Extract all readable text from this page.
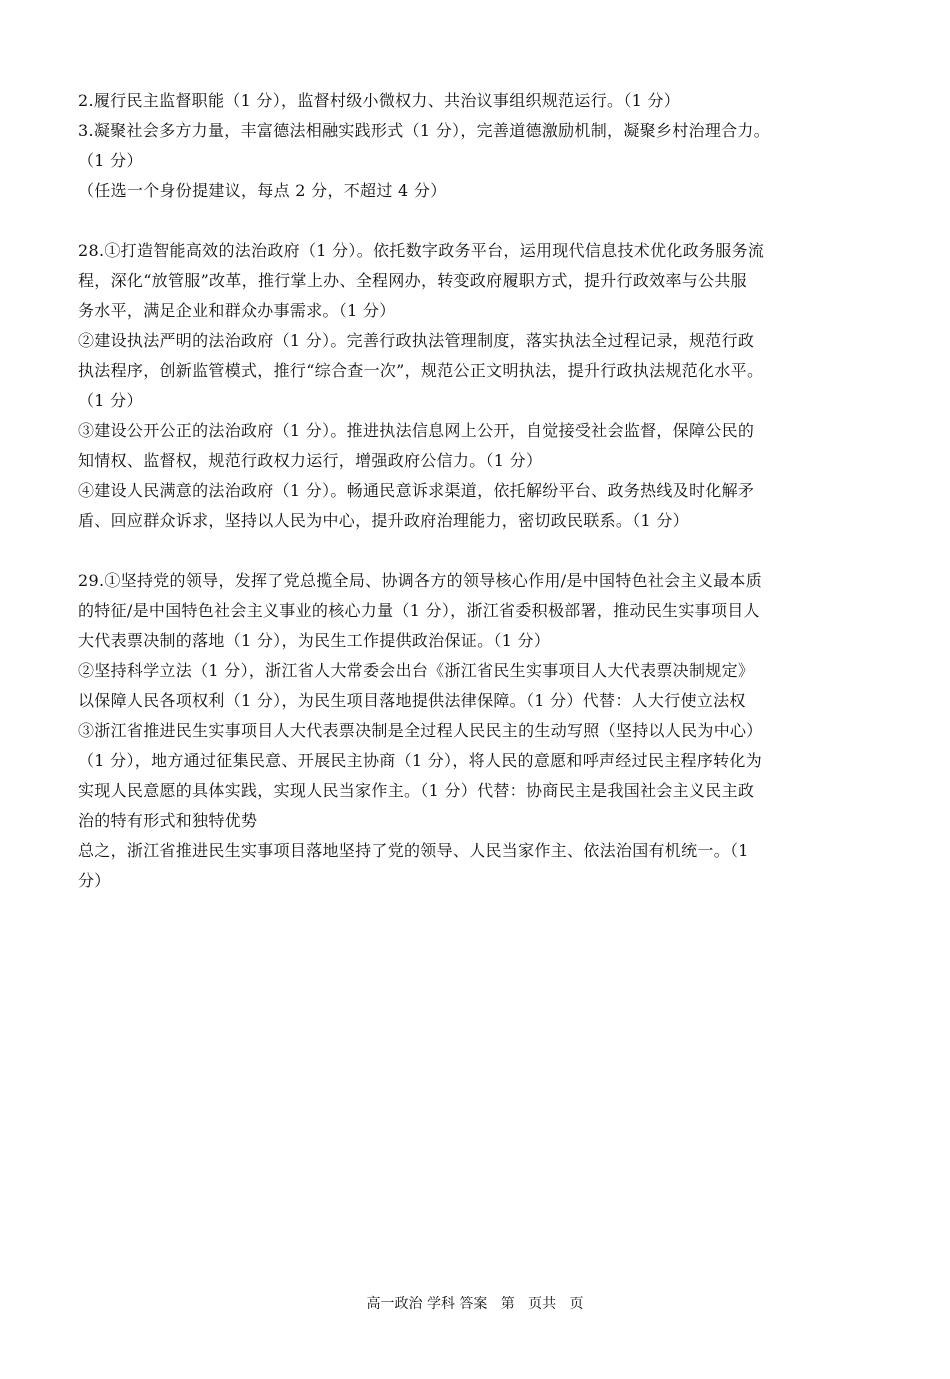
2.履行民主监督职能（1 分），监督村级小微权力、共治议事组织规范运行。（1 分）
3.凝聚社会多方力量，丰富德法相融实践形式（1 分），完善道德激励机制，凝聚乡村治理合力。
（1 分）
（任选一个身份提建议，每点 2 分，不超过 4 分）
28.①打造智能高效的法治政府（1 分）。依托数字政务平台，运用现代信息技术优化政务服务流
程，深化“放管服”改革，推行掌上办、全程网办，转变政府履职方式，提升行政效率与公共服
务水平，满足企业和群众办事需求。（1 分）
②建设执法严明的法治政府（1 分）。完善行政执法管理制度，落实执法全过程记录，规范行政
执法程序，创新监管模式，推行“综合查一次”，规范公正文明执法，提升行政执法规范化水平。
（1 分）
③建设公开公正的法治政府（1 分）。推进执法信息网上公开，自觉接受社会监督，保障公民的
知情权、监督权，规范行政权力运行，增强政府公信力。（1 分）
④建设人民满意的法治政府（1 分）。畅通民意诉求渠道，依托解纷平台、政务热线及时化解矛
盾、回应群众诉求，坚持以人民为中心，提升政府治理能力，密切政民联系。（1 分）
29.①坚持党的领导，发挥了党总揽全局、协调各方的领导核心作用/是中国特色社会主义最本质
的特征/是中国特色社会主义事业的核心力量（1 分），浙江省委积极部署，推动民生实事项目人
大代表票决制的落地（1 分），为民生工作提供政治保证。（1 分）
②坚持科学立法（1 分），浙江省人大常委会出台《浙江省民生实事项目人大代表票决制规定》
以保障人民各项权利（1 分），为民生项目落地提供法律保障。（1 分）代替：人大行使立法权
③浙江省推进民生实事项目人大代表票决制是全过程人民民主的生动写照（坚持以人民为中心）
（1 分），地方通过征集民意、开展民主协商（1 分），将人民的意愿和呼声经过民主程序转化为
实现人民意愿的具体实践，实现人民当家作主。（1 分）代替：协商民主是我国社会主义民主政
治的特有形式和独特优势
总之，浙江省推进民生实事项目落地坚持了党的领导、人民当家作主、依法治国有机统一。（1
分）
高一政治 学科 答案 第 页共 页
